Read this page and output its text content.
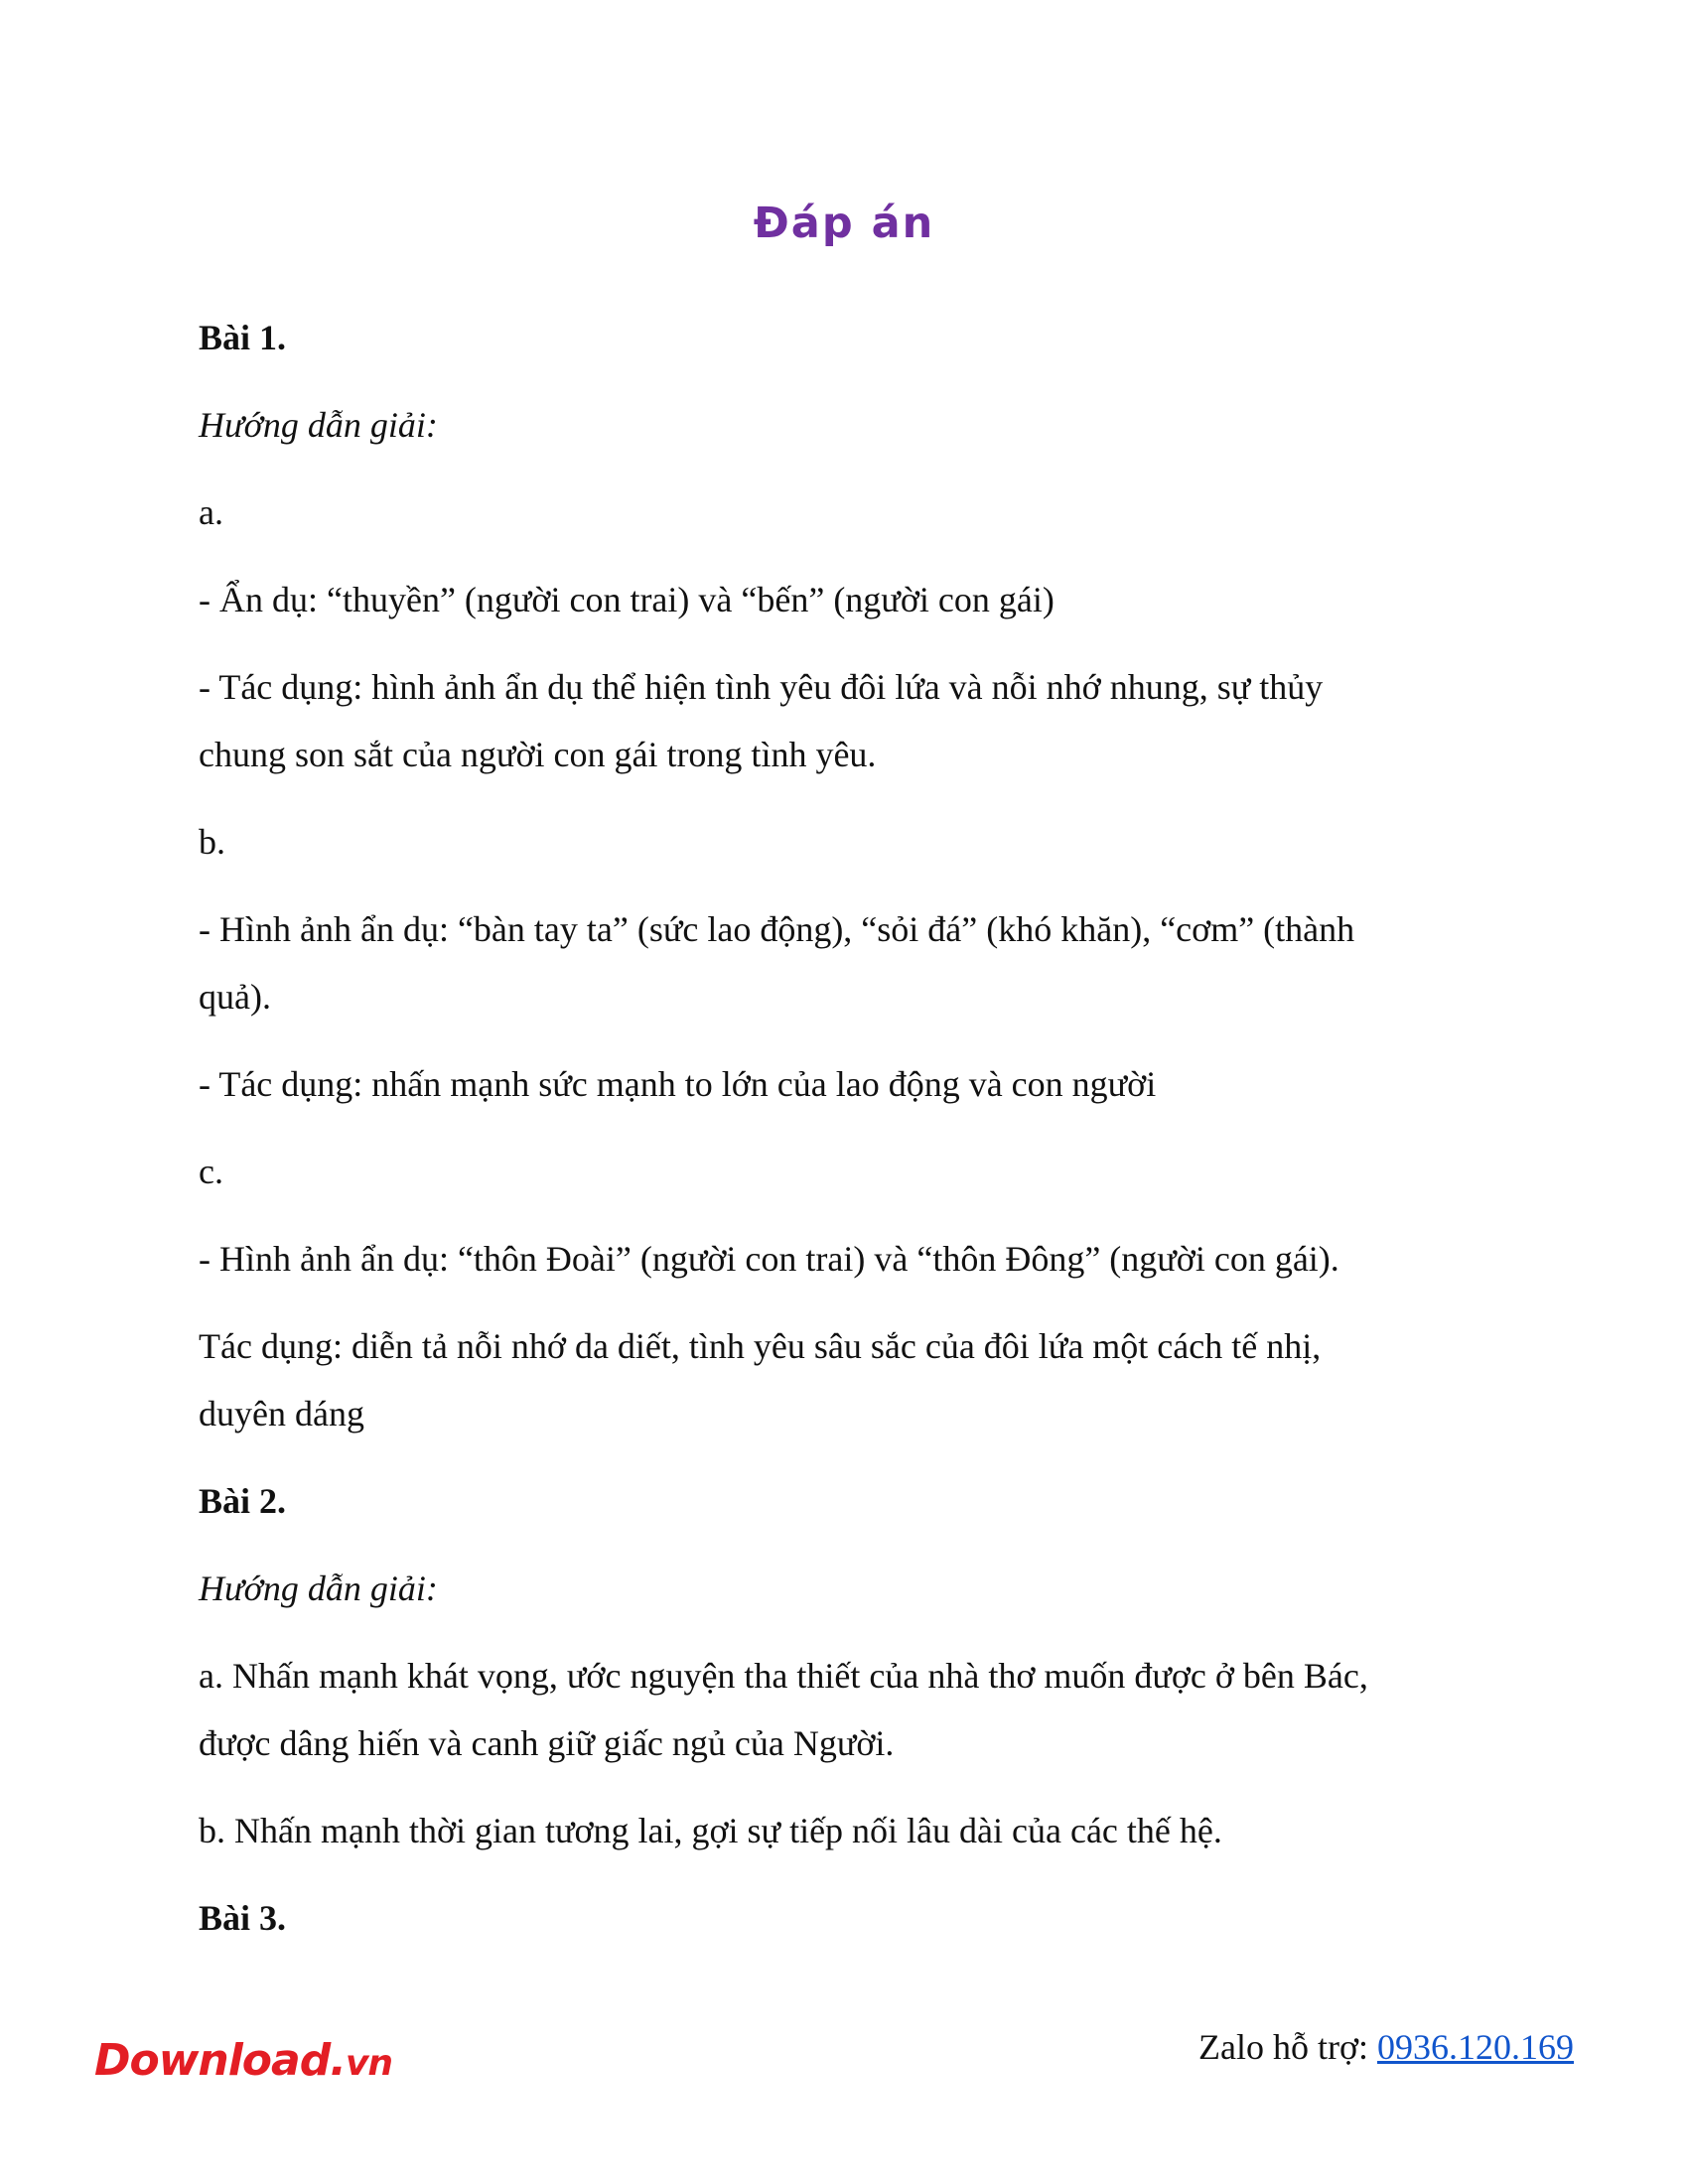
Đáp án
Bài 1.
Hướng dẫn giải:
a.
- Ẩn dụ: “thuyền” (người con trai) và “bến” (người con gái)
- Tác dụng: hình ảnh ẩn dụ thể hiện tình yêu đôi lứa và nỗi nhớ nhung, sự thủy
chung son sắt của người con gái trong tình yêu.
b.
- Hình ảnh ẩn dụ: “bàn tay ta” (sức lao động), “sỏi đá” (khó khăn), “cơm” (thành
quả).
- Tác dụng: nhấn mạnh sức mạnh to lớn của lao động và con người
c.
- Hình ảnh ẩn dụ: “thôn Đoài” (người con trai) và “thôn Đông” (người con gái).
Tác dụng: diễn tả nỗi nhớ da diết, tình yêu sâu sắc của đôi lứa một cách tế nhị,
duyên dáng
Bài 2.
Hướng dẫn giải:
a. Nhấn mạnh khát vọng, ước nguyện tha thiết của nhà thơ muốn được ở bên Bác,
được dâng hiến và canh giữ giấc ngủ của Người.
b. Nhấn mạnh thời gian tương lai, gợi sự tiếp nối lâu dài của các thế hệ.
Bài 3.
Download.vn	Zalo hỗ trợ: 0936.120.169
